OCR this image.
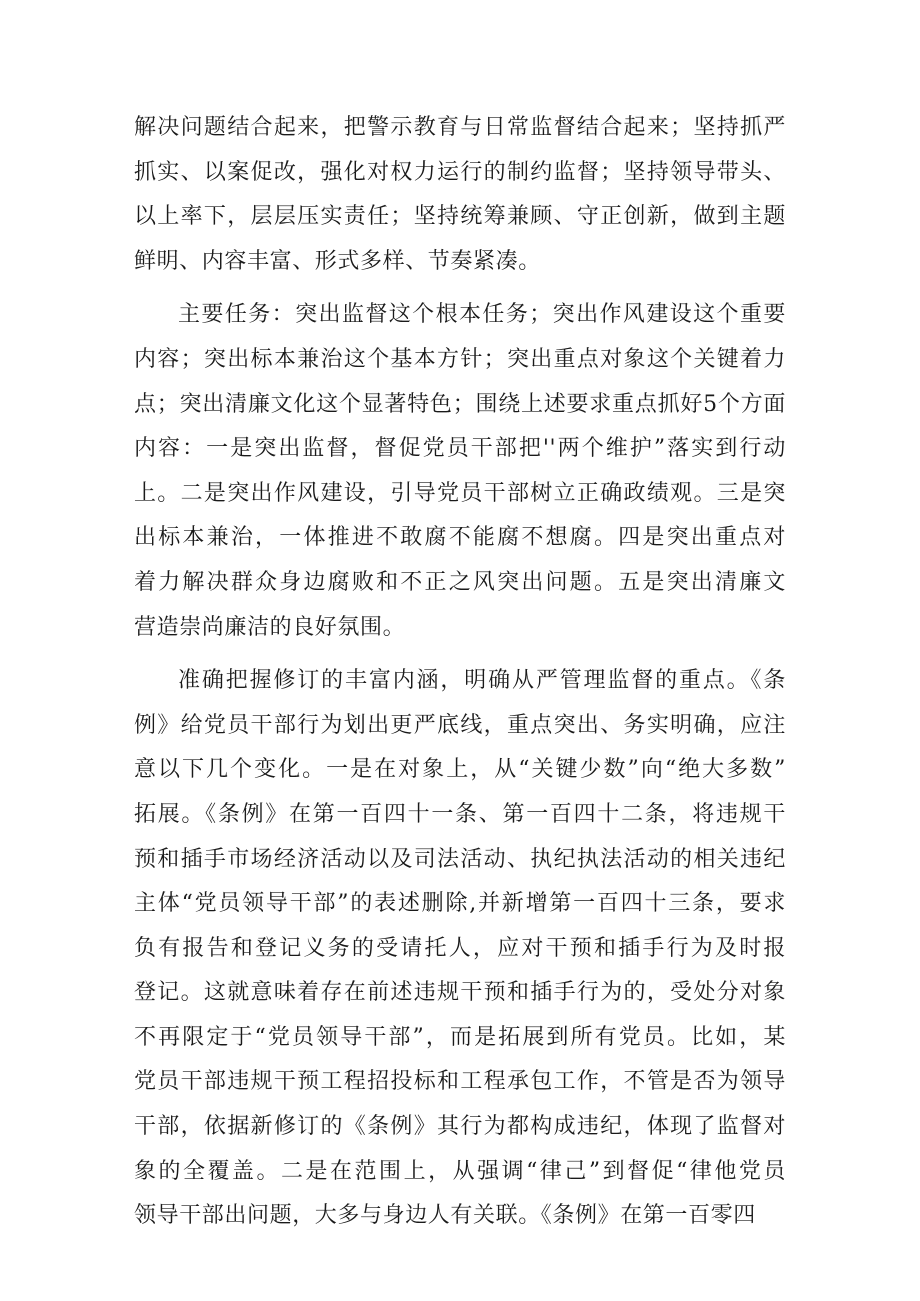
解决问题结合起来，把警示教育与日常监督结合起来；坚持抓严
抓实、以案促改，强化对权力运行的制约监督；坚持领导带头、
以上率下，层层压实责任；坚持统筹兼顾、守正创新，做到主题
鲜明、内容丰富、形式多样、节奏紧凑。
主要任务：突出监督这个根本任务；突出作风建设这个重要
内容；突出标本兼治这个基本方针；突出重点对象这个关键着力
点；突出清廉文化这个显著特色；围绕上述要求重点抓好5个方面
内容：一是突出监督，督促党员干部把''两个维护”落实到行动
上。二是突出作风建设，引导党员干部树立正确政绩观。三是突
出标本兼治，一体推进不敢腐不能腐不想腐。四是突出重点对
着力解决群众身边腐败和不正之风突出问题。五是突出清廉文
营造崇尚廉洁的良好氛围。
准确把握修订的丰富内涵，明确从严管理监督的重点。《条
例》给党员干部行为划出更严底线，重点突出、务实明确，应注
意以下几个变化。一是在对象上，从“关键少数”向“绝大多数”
拓展。《条例》在第一百四十一条、第一百四十二条，将违规干
预和插手市场经济活动以及司法活动、执纪执法活动的相关违纪
主体“党员领导干部”的表述删除,并新增第一百四十三条，要求
负有报告和登记义务的受请托人，应对干预和插手行为及时报
登记。这就意味着存在前述违规干预和插手行为的，受处分对象
不再限定于“党员领导干部”，而是拓展到所有党员。比如，某
党员干部违规干预工程招投标和工程承包工作，不管是否为领导
干部，依据新修订的《条例》其行为都构成违纪，体现了监督对
象的全覆盖。二是在范围上，从强调“律己”到督促“律他党员
领导干部出问题，大多与身边人有关联。《条例》在第一百零四
